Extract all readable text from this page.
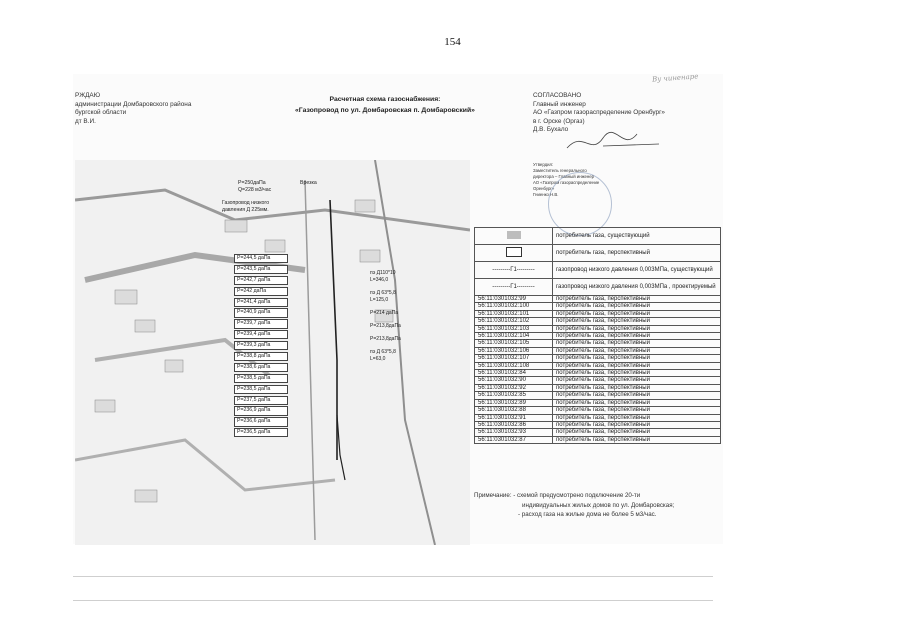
154
Ву чиненаре
РЖДАЮ
администрации Домбаровского района
бургской области
дт В.И.
Расчетная схема газоснабжения:
«Газопровод по ул. Домбаровская п. Домбаровский»
СОГЛАСОВАНО
Главный инженер
АО «Газпром газораспределение Оренбург»
в г. Орске (Оргаз)
Д.В. Бухало
Р=250даПа
Q=228 м3/час
Врезка
Газопровод низкого
давления Д 225мм.
Р=244,5 даПа
Р=243,5 даПа
Р=242,7 даПа
Р=242 даПа
Р=241,4 даПа
Р=240,9 даПа
Р=239,7 даПа
Р=239,4 даПа
Р=239,3 даПа
Р=238,8 даПа
Р=238,6 даПа
Р=238,5 даПа
Р=238,5 даПа
Р=237,5 даПа
Р=236,9 даПа
Р=236,6 даПа
Р=236,5 даПа
пэ Д110*10
L=346,0
пэ Д 63*5,8
L=125,0
Р=214 даПа
Р=213,8даПа
Р=213,8даПа
пэ Д 63*5,8
L=63,0
Утвердил:
Заместитель генерального
директора – Главный инженер
АО «Газпром газораспределение
Оренбург»
Гниенко Н.В.
	потребитель газа, существующий
	потребитель газа, перспективный
---------Г1---------	газопровод низкого давления 0,003МПа, существующий
---------Г1---------	газопровод низкого давления 0,003МПа , проектируемый
56:11:0301032:99	потребитель газа, перспективный
56:11:0301032:100	потребитель газа, перспективный
56:11:0301032:101	потребитель газа, перспективный
56:11:0301032:102	потребитель газа, перспективный
56:11:0301032:103	потребитель газа, перспективный
56:11:0301032:104	потребитель газа, перспективный
56:11:0301032:105	потребитель газа, перспективный
56:11:0301032:106	потребитель газа, перспективный
56:11:0301032:107	потребитель газа, перспективный
56:11:0301032:108	потребитель газа, перспективный
56:11:0301032:84	потребитель газа, перспективный
56:11:0301032:90	потребитель газа, перспективный
56:11:0301032:92	потребитель газа, перспективный
56:11:0301032:85	потребитель газа, перспективный
56:11:0301032:89	потребитель газа, перспективный
56:11:0301032:88	потребитель газа, перспективный
56:11:0301032:91	потребитель газа, перспективный
56:11:0301032:86	потребитель газа, перспективный
56:11:0301032:93	потребитель газа, перспективный
56:11:0301032:87	потребитель газа, перспективный
Примечание: - схемой предусмотрено подключение 20-ти
индивидуальных жилых домов по ул. Домбаровская;
- расход газа на жилые дома не более 5 м3/час.
